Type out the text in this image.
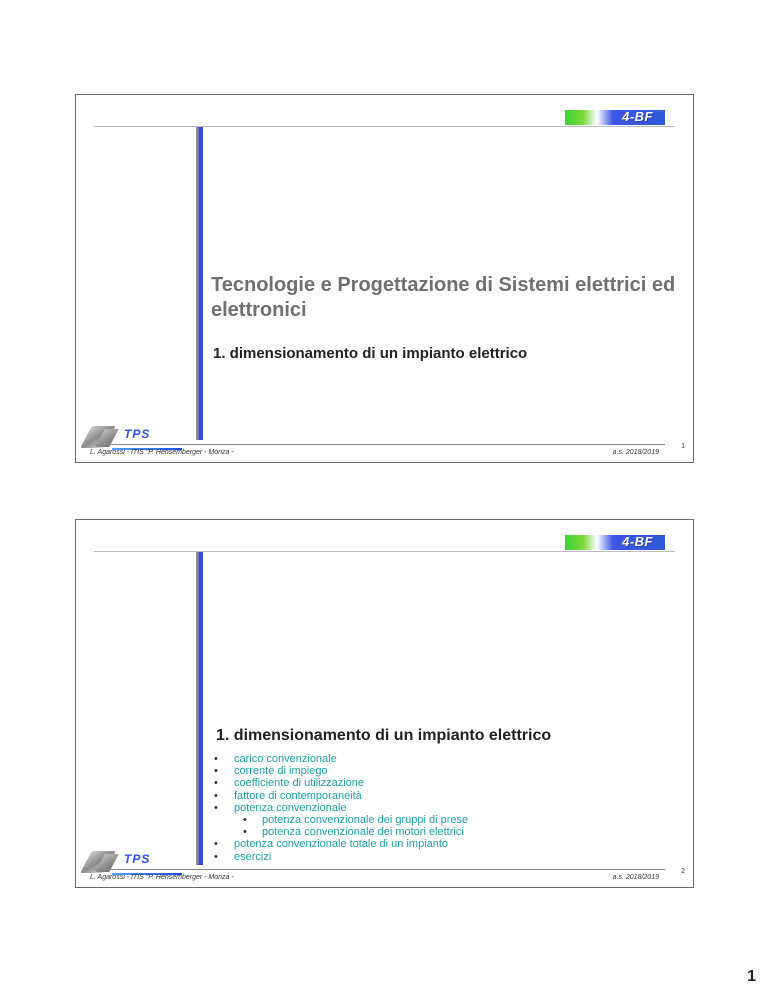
4-BF
Tecnologie e Progettazione di Sistemi elettrici ed elettronici
1. dimensionamento di un impianto elettrico
TPS
L. Agarossi - ITIS "P. Hensemberger - Monza -	a.s. 2018/2019
1
4-BF
1. dimensionamento di un impianto elettrico
• carico convenzionale
• corrente di impiego
• coefficiente di utilizzazione
• fattore di contemporaneità
• potenza convenzionale
• potenza convenzionale dei gruppi di prese
• potenza convenzionale dei motori elettrici
• potenza convenzionale totale di un impianto
• esercizi
TPS
L. Agarossi - ITIS "P. Hensemberger - Monza -	a.s. 2018/2019
2
1
